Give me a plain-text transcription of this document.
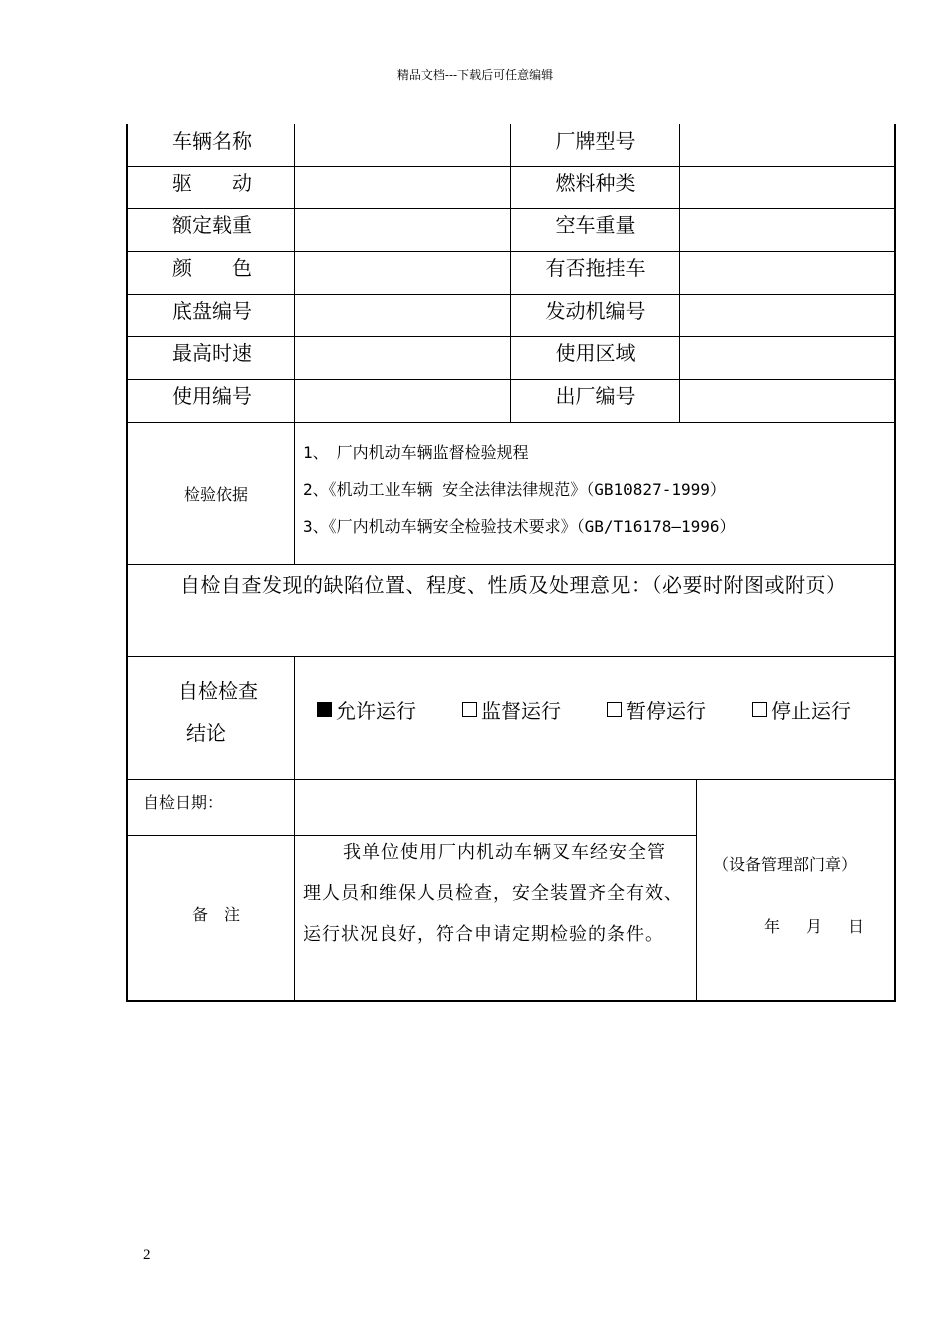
精品文档---下载后可任意编辑
车辆名称	厂牌型号
驱　　动	燃料种类
额定载重	空车重量
颜　　色	有否拖挂车
底盘编号	发动机编号
最高时速	使用区域
使用编号	出厂编号
检验依据
1、　厂内机动车辆监督检验规程
2、《机动工业车辆 安全法律法律规范》（GB10827-1999）
3、《厂内机动车辆安全检验技术要求》（GB/T16178—1996）
自检自查发现的缺陷位置、程度、性质及处理意见：（必要时附图或附页）
自检检查
结论
允许运行	监督运行	暂停运行	停止运行
自检日期：
备　注
我单位使用厂内机动车辆叉车经安全管理人员和维保人员检查，安全装置齐全有效、运行状况良好，符合申请定期检验的条件。
（设备管理部门章）
年 月 日
2
